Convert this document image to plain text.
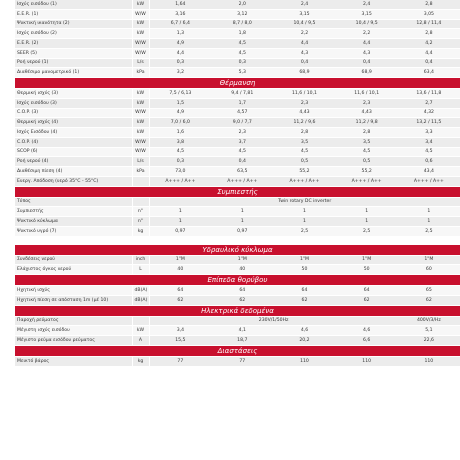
Ισχύς εισόδου (1)	kW	1,64	2,0	2,4	2,4	2,8	
E.E.R. (1)	W/W	3,16	3,12	3,15	3,15	3,05	
Ψυκτική ικανότητα (2)	kW	6,7 / 6,4	8,7 / 8,0	10,4 / 9,5	10,4 / 9,5	12,8 / 11,4	
Ισχύς εισόδου (2)	kW	1,3	1,8	2,2	2,2	2,8	
E.E.R. (2)	W/W	4,9	4,5	4,4	4,4	4,2	
SEER (5)	W/W	4,4	4,5	4,3	4,3	4,4	
Ροή νερού (1)	L/s	0,3	0,3	0,4	0,4	0,4	
Διαθέσιμο μανομετρικό (1)	kPa	3,2	5,3	68,9	68,9	63,4	
Θέρμανση							
Θερμική ισχύς (3)	kW	7,5 / 6,13	9,4 / 7,81	11,6 / 10,1	11,6 / 10,1	13,6 / 11,8	
Ισχύς εισόδου (3)	kW	1,5	1,7	2,3	2,3	2,7	
C.O.P. (3)	W/W	4,9	4,57	4,43	4,43	4,32	
Θερμική ισχύς (4)	kW	7,0 / 6,0	9,0 / 7,7	11,2 / 9,6	11,2 / 9,8	13,2 / 11,5	
Ισχύς Εισόδου (4)	kW	1,6	2,3	2,8	2,8	3,3	
C.O.P. (4)	W/W	3,8	3,7	3,5	3,5	3,4	
SCOP (6)	W/W	4,5	4,5	4,5	4,5	4,5	
Ροή νερού (4)	L/s	0,3	0,4	0,5	0,5	0,6	
Διαθέσιμη πίεση (4)	kPa	73,0	63,5	55,2	55,2	43,4	
Ενεργ. Απόδοση (νερό 35°C - 55°C)		A+++ / A++	A+++ / A++	A+++ / A++	A+++ / A++	A+++ / A++	
Συμπιεστής							
Τύπος		Twin rotary DC inverter					
Συμπιεστής	n°	1	1	1	1	1	
Ψυκτικό κύκλωμα	n°	1	1	1	1	1	
Ψυκτικό υγρό (7)	kg	0,97	0,97	2,5	2,5	2,5	

Υδραυλικό κύκλωμα							
Συνδέσεις νερού	inch	1"M	1"M	1"M	1"M	1"M	
Ελάχιστος όγκος νερού	L	40	40	50	50	60	
Επίπεδα θορύβου							
Ηχητική ισχύς	dB(A)	64	64	64	64	65	
Ηχητική πίεση σε απόσταση 1m (μέ 10)	dB(A)	62	62	62	62	62	
Ηλεκτρικά δεδομένα							
Παροχή ρεύματος		230V/1/50Hz				400V/3/Hz	
Μέγιστη ισχύς εισόδου	kW	3,4	4,1	4,6	4,6	5,1	
Μέγιστο ρεύμα εισόδου ρεύματος	A	15,5	18,7	20,2	6,6	22,6	
Διαστάσεις							
Μεικτό βάρος	kg	77	77	110	110	110	
